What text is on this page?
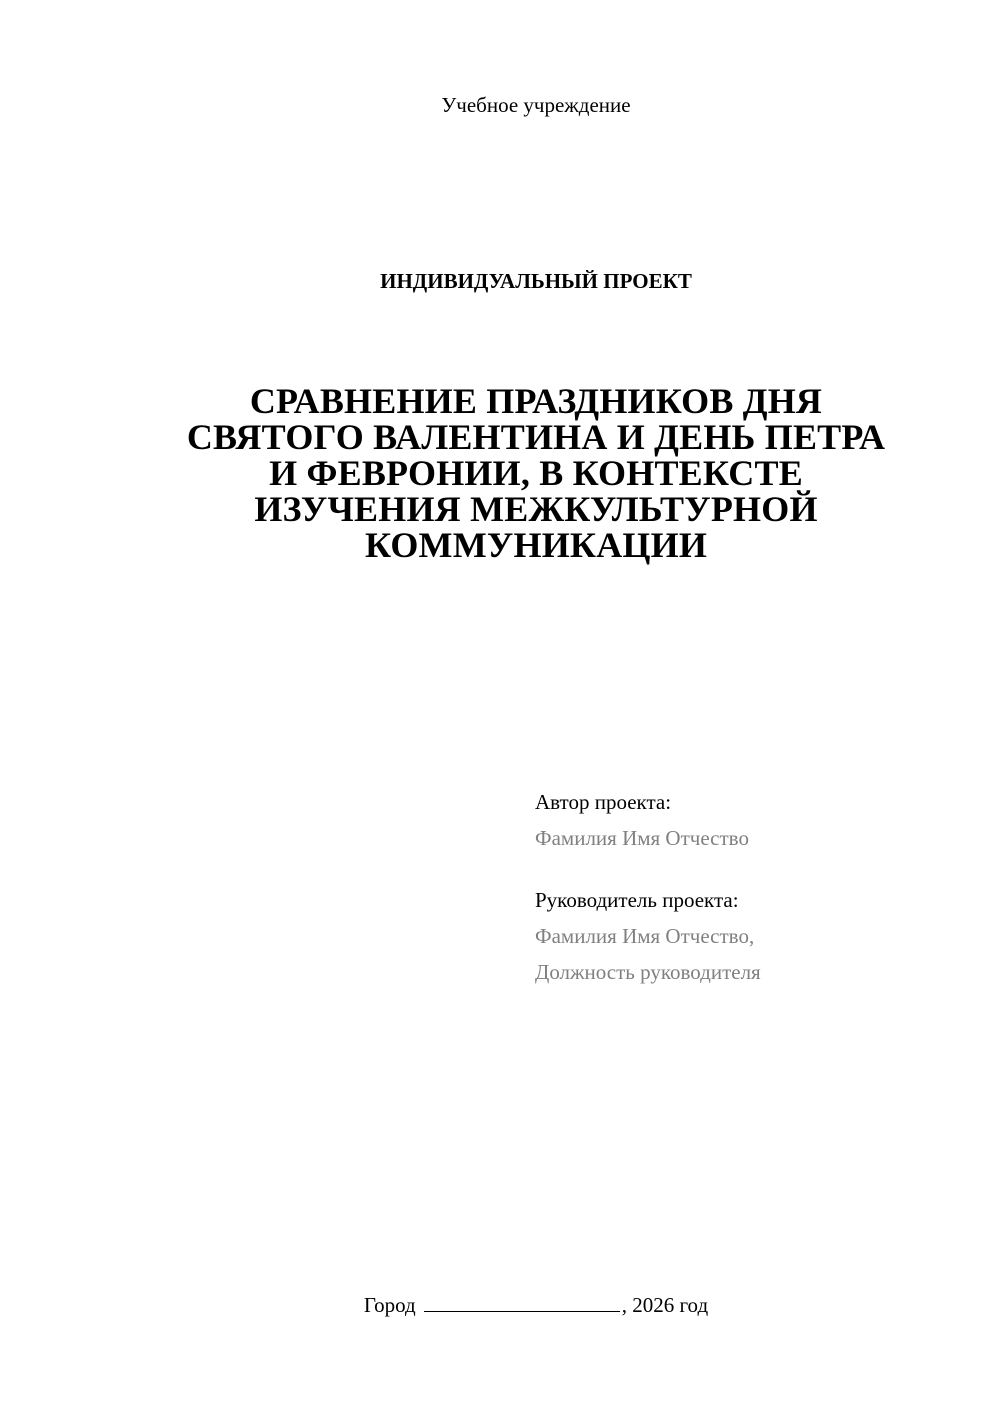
Учебное учреждение
ИНДИВИДУАЛЬНЫЙ ПРОЕКТ
СРАВНЕНИЕ ПРАЗДНИКОВ ДНЯ
СВЯТОГО ВАЛЕНТИНА И ДЕНЬ ПЕТРА
И ФЕВРОНИИ, В КОНТЕКСТЕ
ИЗУЧЕНИЯ МЕЖКУЛЬТУРНОЙ
КОММУНИКАЦИИ
Автор проекта:
Фамилия Имя Отчество
Руководитель проекта:
Фамилия Имя Отчество,
Должность руководителя
Город	, 2026 год
